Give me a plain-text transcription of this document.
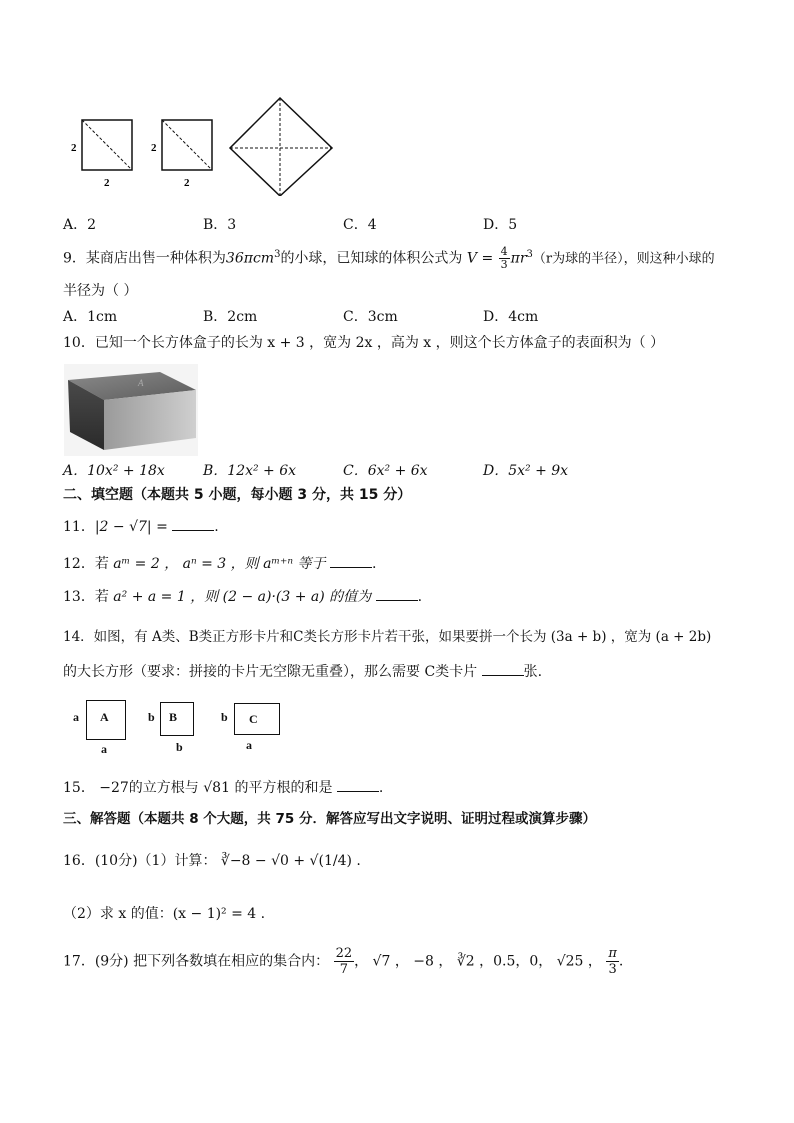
2
2
2
2
A．2	B．3	C．4	D．5
9．某商店出售一种体积为36πcm$^3$的小球，已知球的体积公式为 $V = \frac{4}{3} \pi r^3(r$为球的半径），则这种小球的
半径为（ ）
A．1cm	B．2cm	C．3cm	D．4cm
10．已知一个长方体盒子的长为 x + 3 ，宽为 2x ，高为 x ，则这个长方体盒子的表面积为（ ）
A
A．10x² + 18x	B．12x² + 6x	C．6x² + 6x	D．5x² + 9x
二、填空题（本题共 5 小题，每小题 3 分，共 15 分）
11．|2 − √7| =	.
12．若 aᵐ = 2 ， aⁿ = 3 ，则 aᵐ⁺ⁿ 等于	.
13．若 a² + a = 1 ，则 (2 − a)·(3 + a) 的值为	.
14．如图，有 A类、B类正方形卡片和C类长方形卡片若干张，如果要拼一个长为 (3a + b) ，宽为 (a + 2b)
的大长方形（要求：拼接的卡片无空隙无重叠），那么需要 C类卡片	张.
a A
a
b B
b
b C
a
15． −27的立方根与 √81 的平方根的和是	.
三、解答题（本题共 8 个大题，共 75 分．解答应写出文字说明、证明过程或演算步骤）
16．(10分)（1）计算： ∛−8 − √0 + √(1/4) .
（2）求 x 的值：(x − 1)² = 4 .
17．(9分) 把下列各数填在相应的集合内： $\frac{22}{7}$ ， √7 ， −8 ， ∛2 ，0.5，0， √25 ， $\frac{\pi}{3}$ .
